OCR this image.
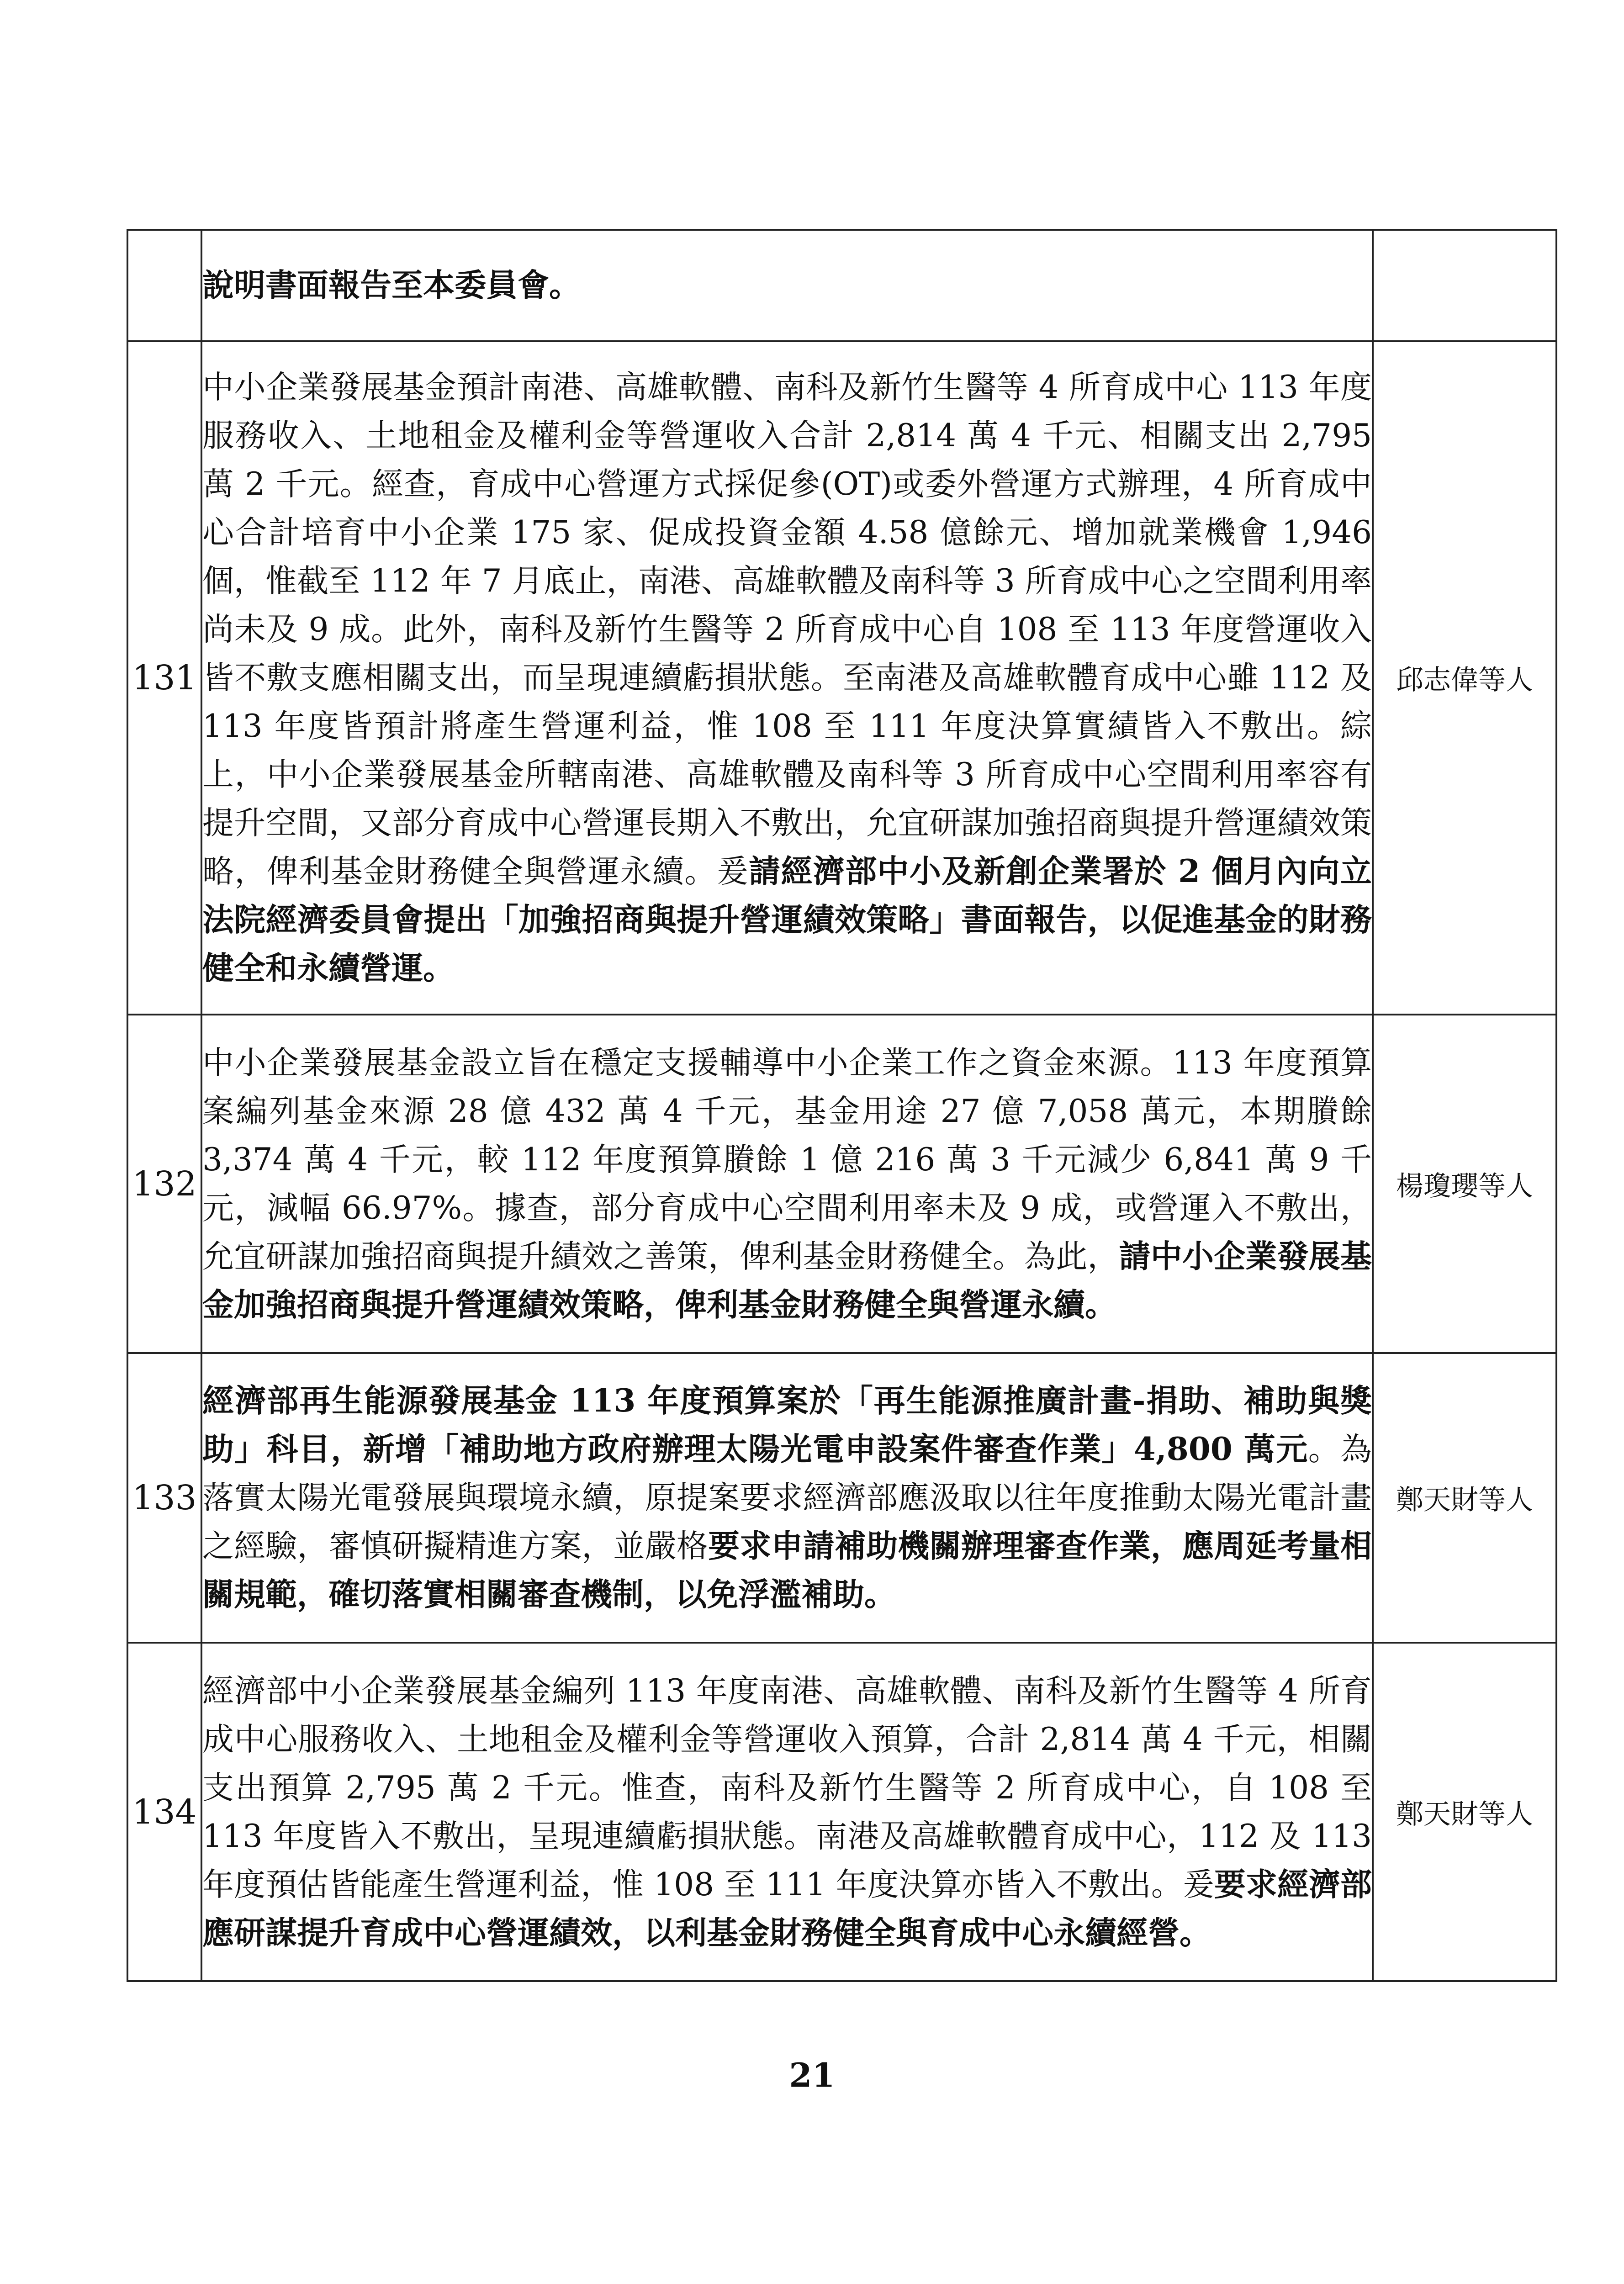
	說明書面報告至本委員會。	
131	中小企業發展基金預計南港、高雄軟體、南科及新竹生醫等 4 所育成中心 113 年度服務收入、土地租金及權利金等營運收入合計 2,814 萬 4 千元、相關支出 2,795 萬 2 千元。經查，育成中心營運方式採促參(OT)或委外營運方式辦理，4 所育成中心合計培育中小企業 175 家、促成投資金額 4.58 億餘元、增加就業機會 1,946 個，惟截至 112 年 7 月底止，南港、高雄軟體及南科等 3 所育成中心之空間利用率尚未及 9 成。此外，南科及新竹生醫等 2 所育成中心自 108 至 113 年度營運收入皆不敷支應相關支出，而呈現連續虧損狀態。至南港及高雄軟體育成中心雖 112 及 113 年度皆預計將產生營運利益，惟 108 至 111 年度決算實績皆入不敷出。綜上，中小企業發展基金所轄南港、高雄軟體及南科等 3 所育成中心空間利用率容有提升空間，又部分育成中心營運長期入不敷出，允宜研謀加強招商與提升營運績效策略，俾利基金財務健全與營運永續。爰請經濟部中小及新創企業署於 2 個月內向立法院經濟委員會提出「加強招商與提升營運績效策略」書面報告，以促進基金的財務健全和永續營運。	邱志偉等人
132	中小企業發展基金設立旨在穩定支援輔導中小企業工作之資金來源。113 年度預算案編列基金來源 28 億 432 萬 4 千元，基金用途 27 億 7,058 萬元，本期賸餘 3,374 萬 4 千元，較 112 年度預算賸餘 1 億 216 萬 3 千元減少 6,841 萬 9 千元，減幅 66.97%。據查，部分育成中心空間利用率未及 9 成，或營運入不敷出，允宜研謀加強招商與提升績效之善策，俾利基金財務健全。為此，請中小企業發展基金加強招商與提升營運績效策略，俾利基金財務健全與營運永續。	楊瓊瓔等人
133	經濟部再生能源發展基金 113 年度預算案於「再生能源推廣計畫-捐助、補助與獎助」科目，新增「補助地方政府辦理太陽光電申設案件審查作業」4,800 萬元。為落實太陽光電發展與環境永續，原提案要求經濟部應汲取以往年度推動太陽光電計畫之經驗，審慎研擬精進方案，並嚴格要求申請補助機關辦理審查作業，應周延考量相關規範，確切落實相關審查機制，以免浮濫補助。	鄭天財等人
134	經濟部中小企業發展基金編列 113 年度南港、高雄軟體、南科及新竹生醫等 4 所育成中心服務收入、土地租金及權利金等營運收入預算，合計 2,814 萬 4 千元，相關支出預算 2,795 萬 2 千元。惟查，南科及新竹生醫等 2 所育成中心，自 108 至 113 年度皆入不敷出，呈現連續虧損狀態。南港及高雄軟體育成中心，112 及 113 年度預估皆能產生營運利益，惟 108 至 111 年度決算亦皆入不敷出。爰要求經濟部應研謀提升育成中心營運績效，以利基金財務健全與育成中心永續經營。	鄭天財等人
21
